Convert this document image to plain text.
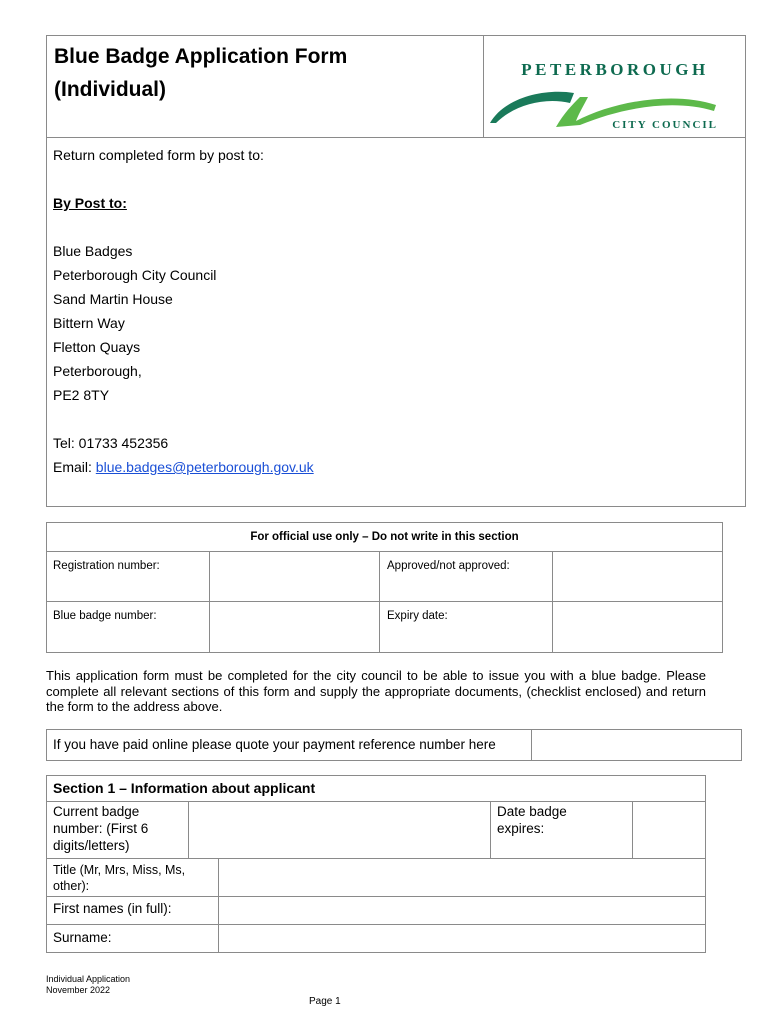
Blue Badge Application Form
(Individual)
PETERBOROUGH
CITY COUNCIL
Return completed form by post to:
By Post to:
Blue Badges
Peterborough City Council
Sand Martin House
Bittern Way
Fletton Quays
Peterborough,
PE2 8TY
Tel: 01733 452356
Email: blue.badges@peterborough.gov.uk
For official use only – Do not write in this section
Registration number:	Approved/not approved:
Blue badge number:	Expiry date:
This application form must be completed for the city council to be able to issue you with a blue badge. Please complete all relevant sections of this form and supply the appropriate documents, (checklist enclosed) and return the form to the address above.
If you have paid online please quote your payment reference number here
Section 1 – Information about applicant
Current badge number: (First 6 digits/letters)
Date badge expires:
Title (Mr, Mrs, Miss, Ms, other):
First names (in full):
Surname:
Individual Application
November 2022
Page 1
